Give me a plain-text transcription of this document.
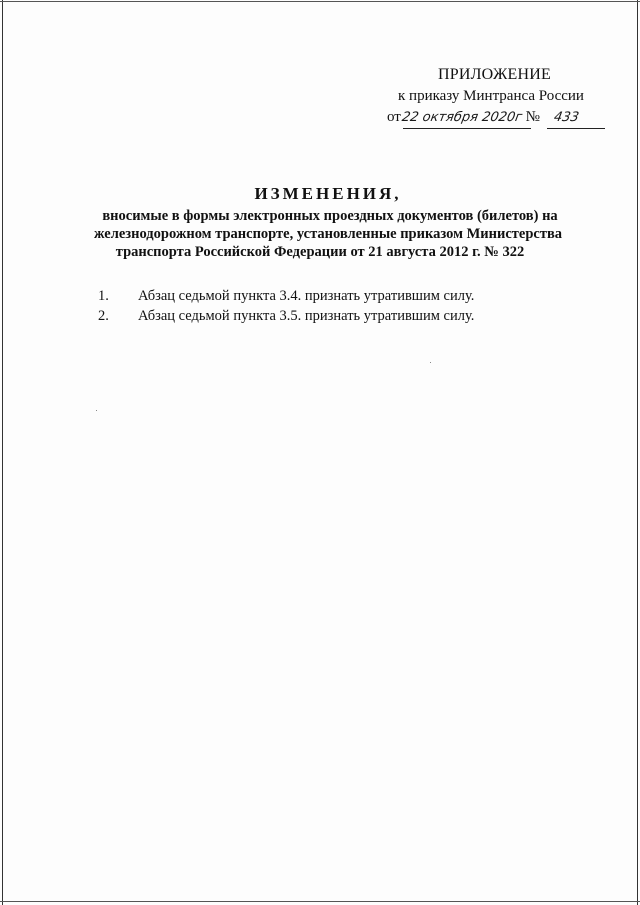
ПРИЛОЖЕНИЕ
к приказу Минтранса России
от22 октября 2020г № 433
ИЗМЕНЕНИЯ,
вносимые в формы электронных проездных документов (билетов) на
железнодорожном транспорте, установленные приказом Министерства
транспорта Российской Федерации от 21 августа 2012 г. № 322
1. Абзац седьмой пункта 3.4. признать утратившим силу.
2. Абзац седьмой пункта 3.5. признать утратившим силу.
